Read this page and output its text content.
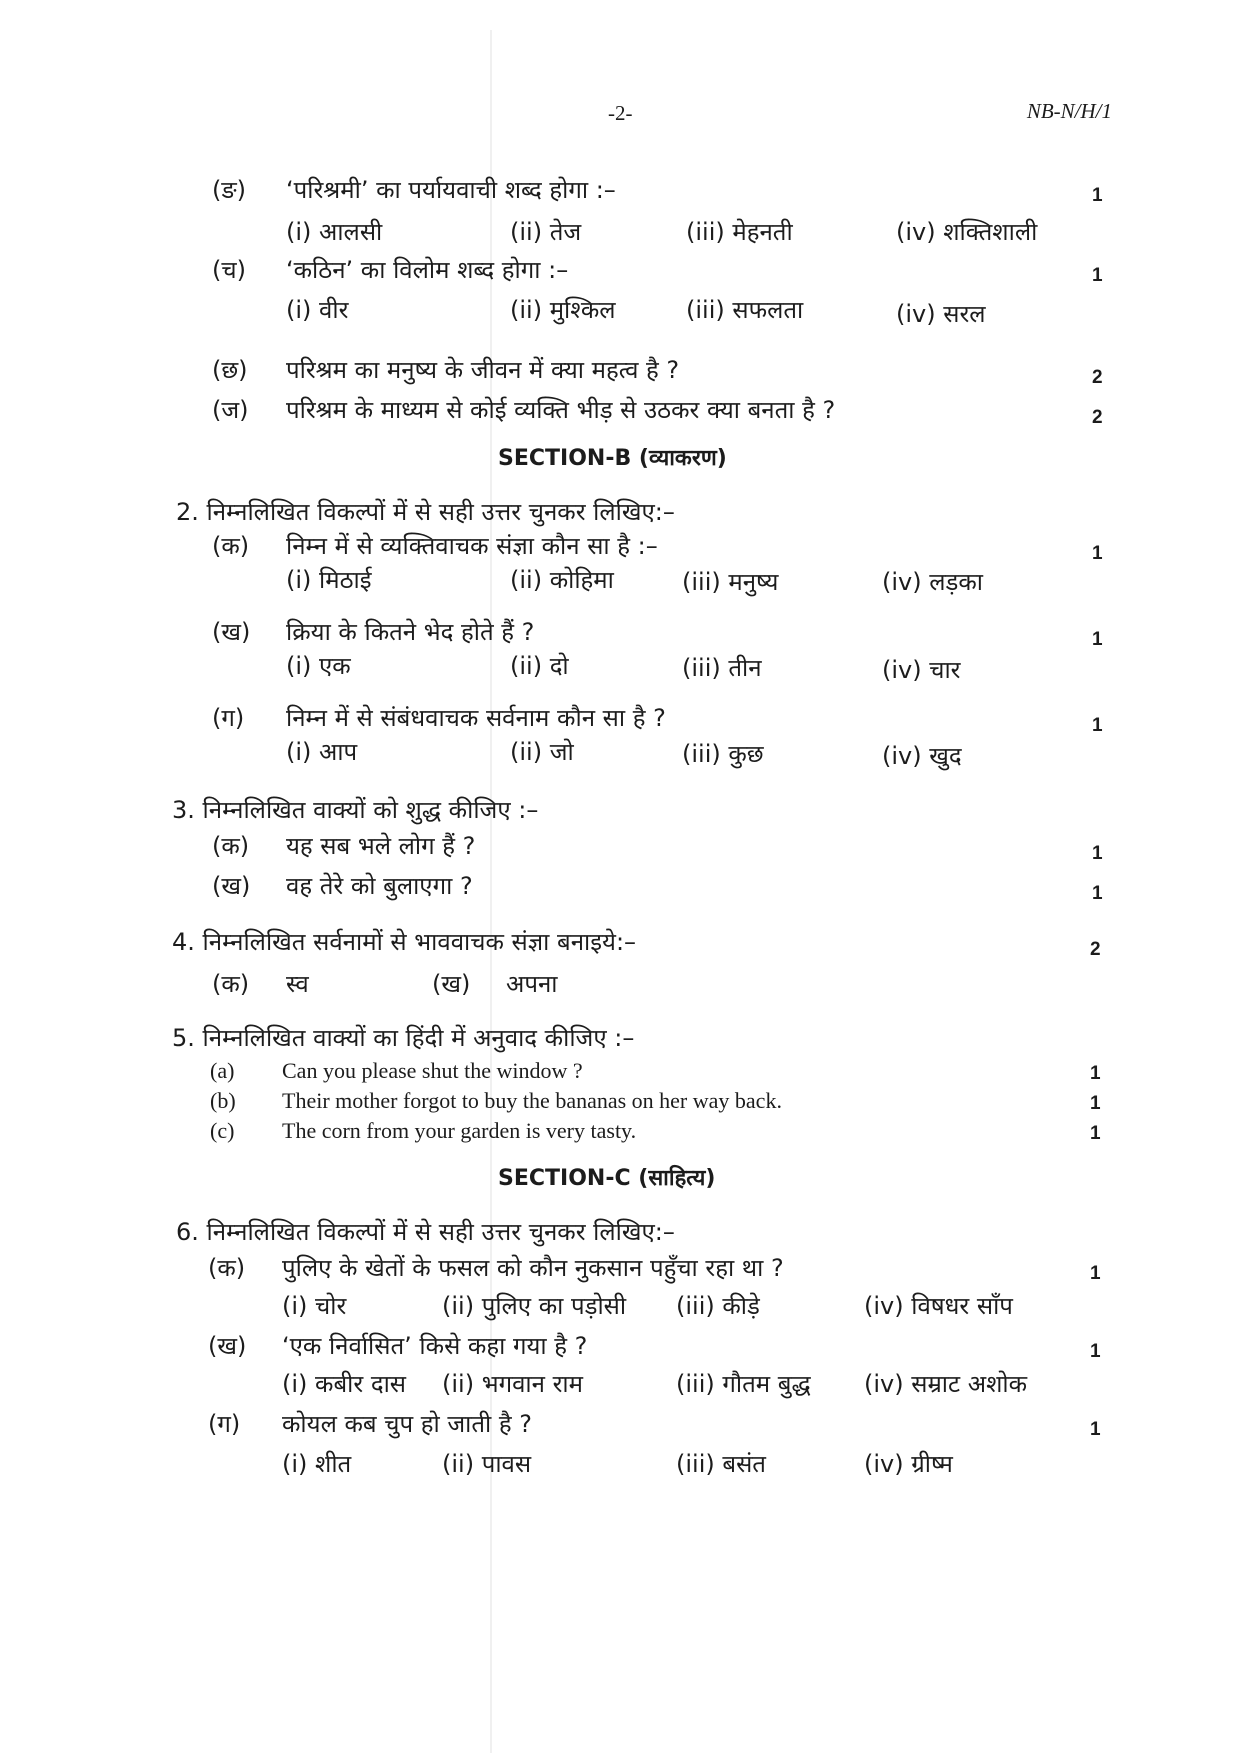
-2-	NB-N/H/1
(ङ) ‘परिश्रमी’ का पर्यायवाची शब्द होगा :–	1
(i) आलसी	(ii) तेज	(iii) मेहनती	(iv) शक्तिशाली
(च) ‘कठिन’ का विलोम शब्द होगा :–	1
(i) वीर	(ii) मुश्किल	(iii) सफलता	(iv) सरल
(छ) परिश्रम का मनुष्य के जीवन में क्या महत्व है ?	2
(ज) परिश्रम के माध्यम से कोई व्यक्ति भीड़ से उठकर क्या बनता है ?	2
SECTION-B (व्याकरण)
2. निम्नलिखित विकल्पों में से सही उत्तर चुनकर लिखिए:–
(क) निम्न में से व्यक्तिवाचक संज्ञा कौन सा है :–	1
(i) मिठाई	(ii) कोहिमा	(iii) मनुष्य	(iv) लड़का
(ख) क्रिया के कितने भेद होते हैं ?	1
(i) एक	(ii) दो	(iii) तीन	(iv) चार
(ग) निम्न में से संबंधवाचक सर्वनाम कौन सा है ?	1
(i) आप	(ii) जो	(iii) कुछ	(iv) खुद
3. निम्नलिखित वाक्यों को शुद्ध कीजिए :–
(क) यह सब भले लोग हैं ?	1
(ख) वह तेरे को बुलाएगा ?	1
4. निम्नलिखित सर्वनामों से भाववाचक संज्ञा बनाइये:–	2
(क) स्व	(ख) अपना
5. निम्नलिखित वाक्यों का हिंदी में अनुवाद कीजिए :–
(a) Can you please shut the window ?	1
(b) Their mother forgot to buy the bananas on her way back.	1
(c) The corn from your garden is very tasty.	1
SECTION-C (साहित्य)
6. निम्नलिखित विकल्पों में से सही उत्तर चुनकर लिखिए:–
(क) पुलिए के खेतों के फसल को कौन नुकसान पहुँचा रहा था ?	1
(i) चोर	(ii) पुलिए का पड़ोसी (iii) कीड़े	(iv) विषधर साँप
(ख) ‘एक निर्वासित’ किसे कहा गया है ?	1
(i) कबीर दास (ii) भगवान राम	(iii) गौतम बुद्ध (iv) सम्राट अशोक
(ग) कोयल कब चुप हो जाती है ?	1
(i) शीत	(ii) पावस	(iii) बसंत	(iv) ग्रीष्म
